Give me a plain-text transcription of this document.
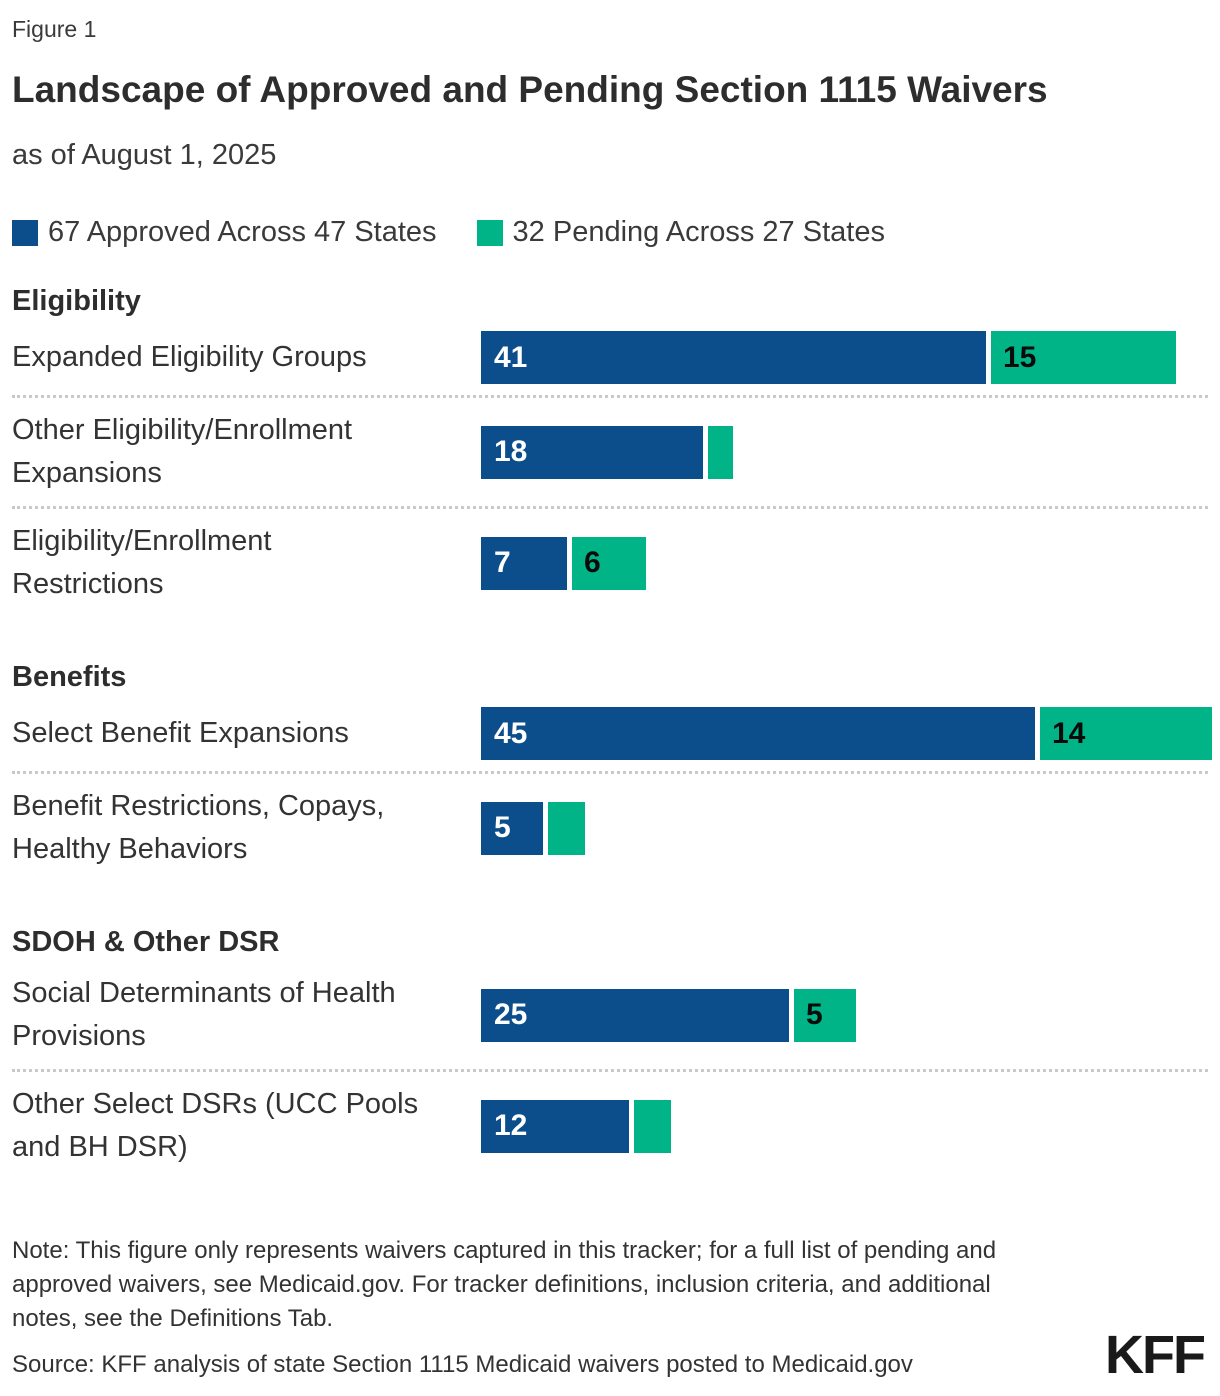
Figure 1
Landscape of Approved and Pending Section 1115 Waivers
as of August 1, 2025
67 Approved Across 47 States	32 Pending Across 27 States
Eligibility
Expanded Eligibility Groups	41	15
Other Eligibility/Enrollment
Expansions
18
Eligibility/Enrollment
Restrictions
7	6
Benefits
Select Benefit Expansions	45	14
Benefit Restrictions, Copays,
Healthy Behaviors
5
SDOH & Other DSR
Social Determinants of Health
Provisions
25	5
Other Select DSRs (UCC Pools
and BH DSR)
12
Note: This figure only represents waivers captured in this tracker; for a full list of pending and
approved waivers, see Medicaid.gov. For tracker definitions, inclusion criteria, and additional
notes, see the Definitions Tab.
Source: KFF analysis of state Section 1115 Medicaid waivers posted to Medicaid.gov	KFF
